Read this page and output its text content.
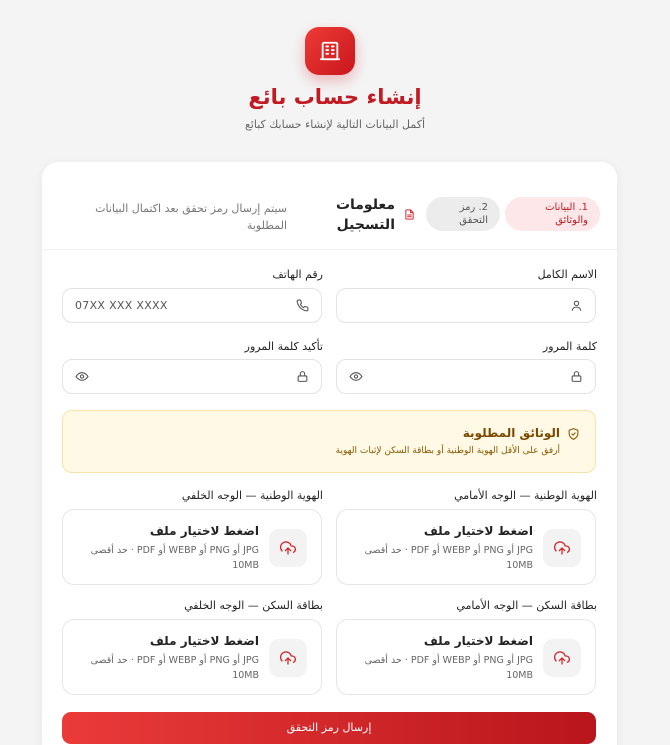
إنشاء حساب بائع
أكمل البيانات التالية لإنشاء حسابك كبائع
1. البيانات والوثائق
2. رمز التحقق
معلومات التسجيل
سيتم إرسال رمز تحقق بعد اكتمال البيانات المطلوبة
الاسم الكامل
رقم الهاتف
07XX XXX XXXX
كلمة المرور
تأكيد كلمة المرور
الوثائق المطلوبة
أرفق على الأقل الهوية الوطنية أو بطاقة السكن لإثبات الهوية
الهوية الوطنية — الوجه الأمامي
اضغط لاختيار ملف
JPG أو PNG أو WEBP أو PDF · حد أقصى 10MB
الهوية الوطنية — الوجه الخلفي
اضغط لاختيار ملف
JPG أو PNG أو WEBP أو PDF · حد أقصى 10MB
بطاقة السكن — الوجه الأمامي
اضغط لاختيار ملف
JPG أو PNG أو WEBP أو PDF · حد أقصى 10MB
بطاقة السكن — الوجه الخلفي
اضغط لاختيار ملف
JPG أو PNG أو WEBP أو PDF · حد أقصى 10MB
إرسال رمز التحقق
